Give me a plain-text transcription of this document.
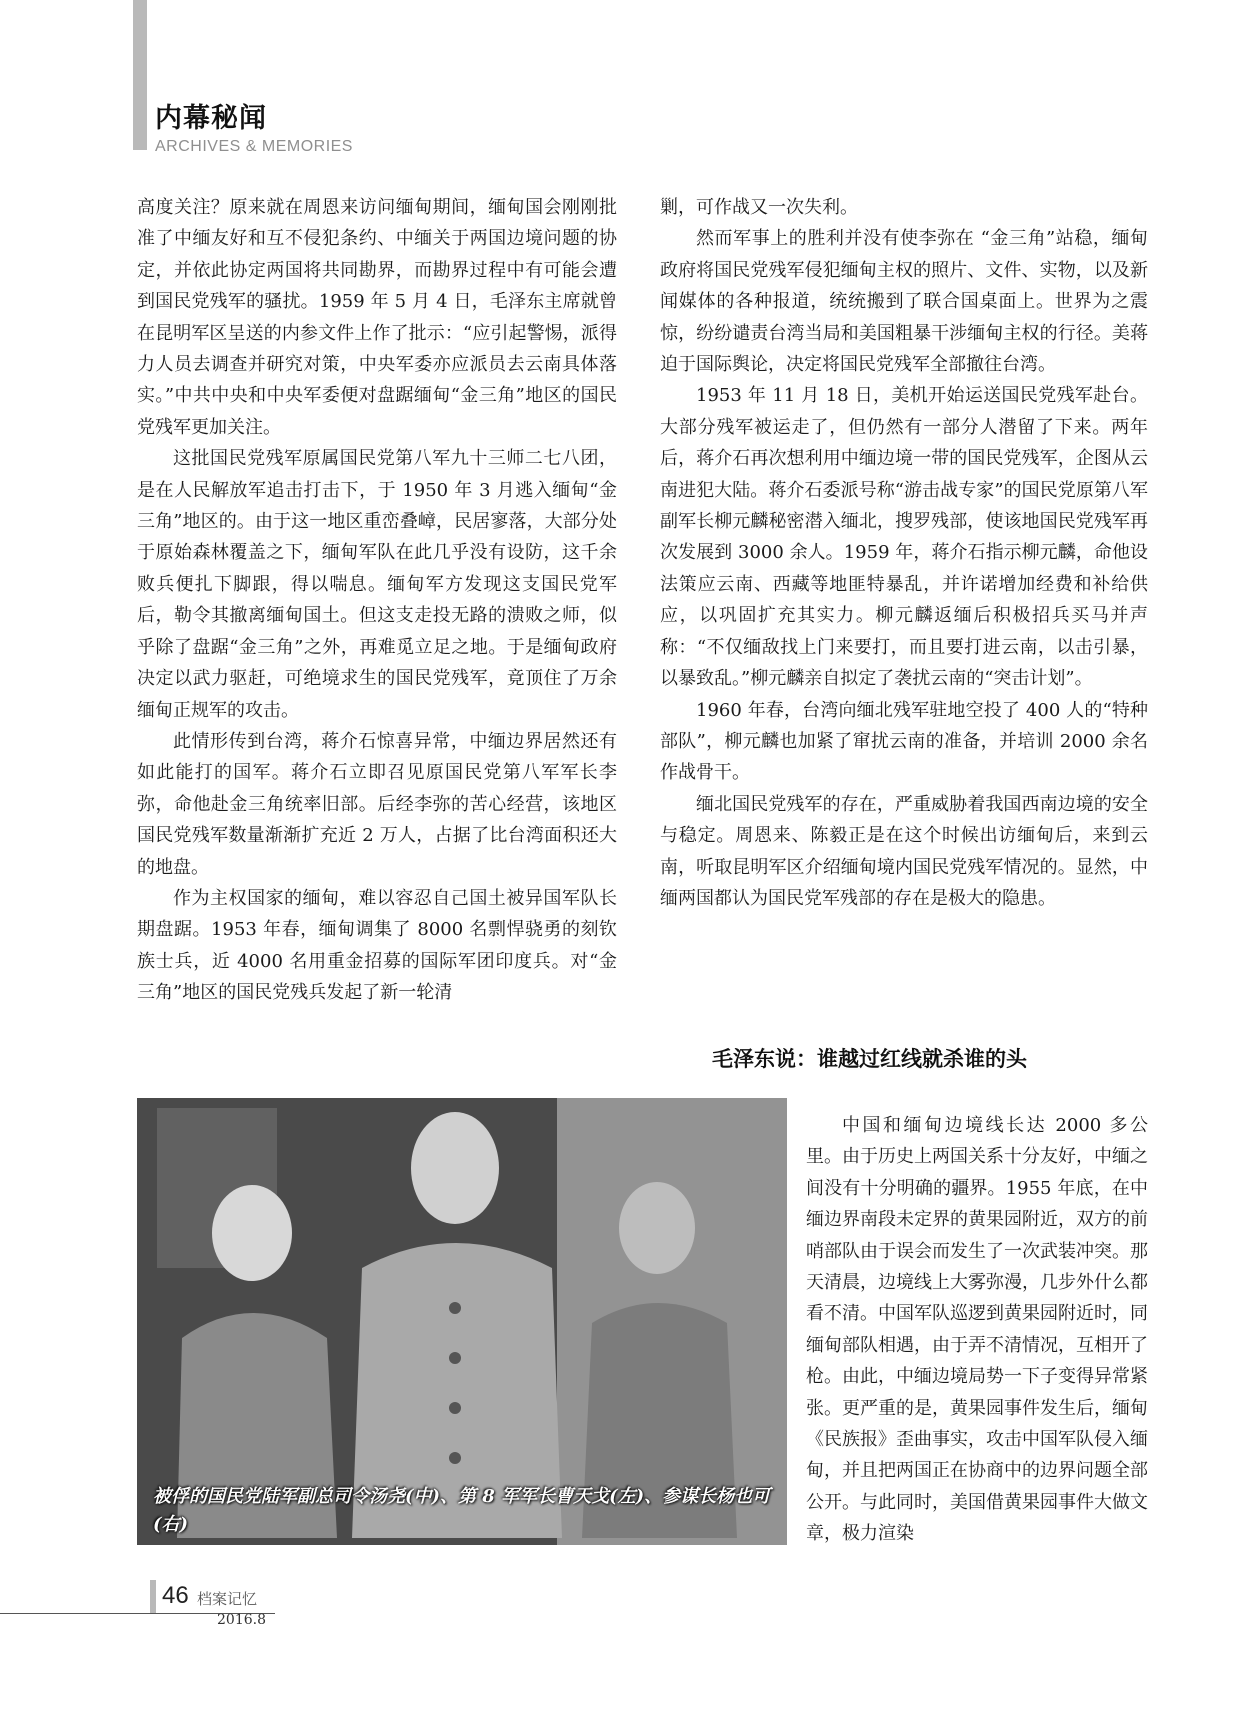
内幕秘闻
ARCHIVES & MEMORIES

高度关注？原来就在周恩来访问缅甸期间，缅甸国会刚刚批准了中缅友好和互不侵犯条约、中缅关于两国边境问题的协定，并依此协定两国将共同勘界，而勘界过程中有可能会遭到国民党残军的骚扰。1959 年 5 月 4 日，毛泽东主席就曾在昆明军区呈送的内参文件上作了批示：“应引起警惕，派得力人员去调查并研究对策，中央军委亦应派员去云南具体落实。”中共中央和中央军委便对盘踞缅甸“金三角”地区的国民党残军更加关注。

这批国民党残军原属国民党第八军九十三师二七八团，是在人民解放军追击打击下，于 1950 年 3 月逃入缅甸“金三角”地区的。由于这一地区重峦叠嶂，民居寥落，大部分处于原始森林覆盖之下，缅甸军队在此几乎没有设防，这千余败兵便扎下脚跟，得以喘息。缅甸军方发现这支国民党军后，勒令其撤离缅甸国土。但这支走投无路的溃败之师，似乎除了盘踞“金三角”之外，再难觅立足之地。于是缅甸政府决定以武力驱赶，可绝境求生的国民党残军，竟顶住了万余缅甸正规军的攻击。

此情形传到台湾，蒋介石惊喜异常，中缅边界居然还有如此能打的国军。蒋介石立即召见原国民党第八军军长李弥，命他赴金三角统率旧部。后经李弥的苦心经营，该地区国民党残军数量渐渐扩充近 2 万人，占据了比台湾面积还大的地盘。

作为主权国家的缅甸，难以容忍自己国土被异国军队长期盘踞。1953 年春，缅甸调集了 8000 名剽悍骁勇的刻钦族士兵，近 4000 名用重金招募的国际军团印度兵。对“金三角”地区的国民党残兵发起了新一轮清

剿，可作战又一次失利。

然而军事上的胜利并没有使李弥在 “金三角”站稳，缅甸政府将国民党残军侵犯缅甸主权的照片、文件、实物，以及新闻媒体的各种报道，统统搬到了联合国桌面上。世界为之震惊，纷纷谴责台湾当局和美国粗暴干涉缅甸主权的行径。美蒋迫于国际舆论，决定将国民党残军全部撤往台湾。

1953 年 11 月 18 日，美机开始运送国民党残军赴台。大部分残军被运走了，但仍然有一部分人潜留了下来。两年后，蒋介石再次想利用中缅边境一带的国民党残军，企图从云南进犯大陆。蒋介石委派号称“游击战专家”的国民党原第八军副军长柳元麟秘密潜入缅北，搜罗残部，使该地国民党残军再次发展到 3000 余人。1959 年，蒋介石指示柳元麟，命他设法策应云南、西藏等地匪特暴乱，并许诺增加经费和补给供应，以巩固扩充其实力。柳元麟返缅后积极招兵买马并声称：“不仅缅敌找上门来要打，而且要打进云南，以击引暴，以暴致乱。”柳元麟亲自拟定了袭扰云南的“突击计划”。

1960 年春，台湾向缅北残军驻地空投了 400 人的“特种部队”，柳元麟也加紧了窜扰云南的准备，并培训 2000 余名作战骨干。

缅北国民党残军的存在，严重威胁着我国西南边境的安全与稳定。周恩来、陈毅正是在这个时候出访缅甸后，来到云南，听取昆明军区介绍缅甸境内国民党残军情况的。显然，中缅两国都认为国民党军残部的存在是极大的隐患。

毛泽东说：谁越过红线就杀谁的头
被俘的国民党陆军副总司令汤尧(中)、第 8 军军长曹天戈(左)、参谋长杨也可(右)

中国和缅甸边境线长达 2000 多公里。由于历史上两国关系十分友好，中缅之间没有十分明确的疆界。1955 年底，在中缅边界南段未定界的黄果园附近，双方的前哨部队由于误会而发生了一次武装冲突。那天清晨，边境线上大雾弥漫，几步外什么都看不清。中国军队巡逻到黄果园附近时，同缅甸部队相遇，由于弄不清情况，互相开了枪。由此，中缅边境局势一下子变得异常紧张。更严重的是，黄果园事件发生后，缅甸《民族报》歪曲事实，攻击中国军队侵入缅甸，并且把两国正在协商中的边界问题全部公开。与此同时，美国借黄果园事件大做文章，极力渲染

46 档案记忆
2016.8
